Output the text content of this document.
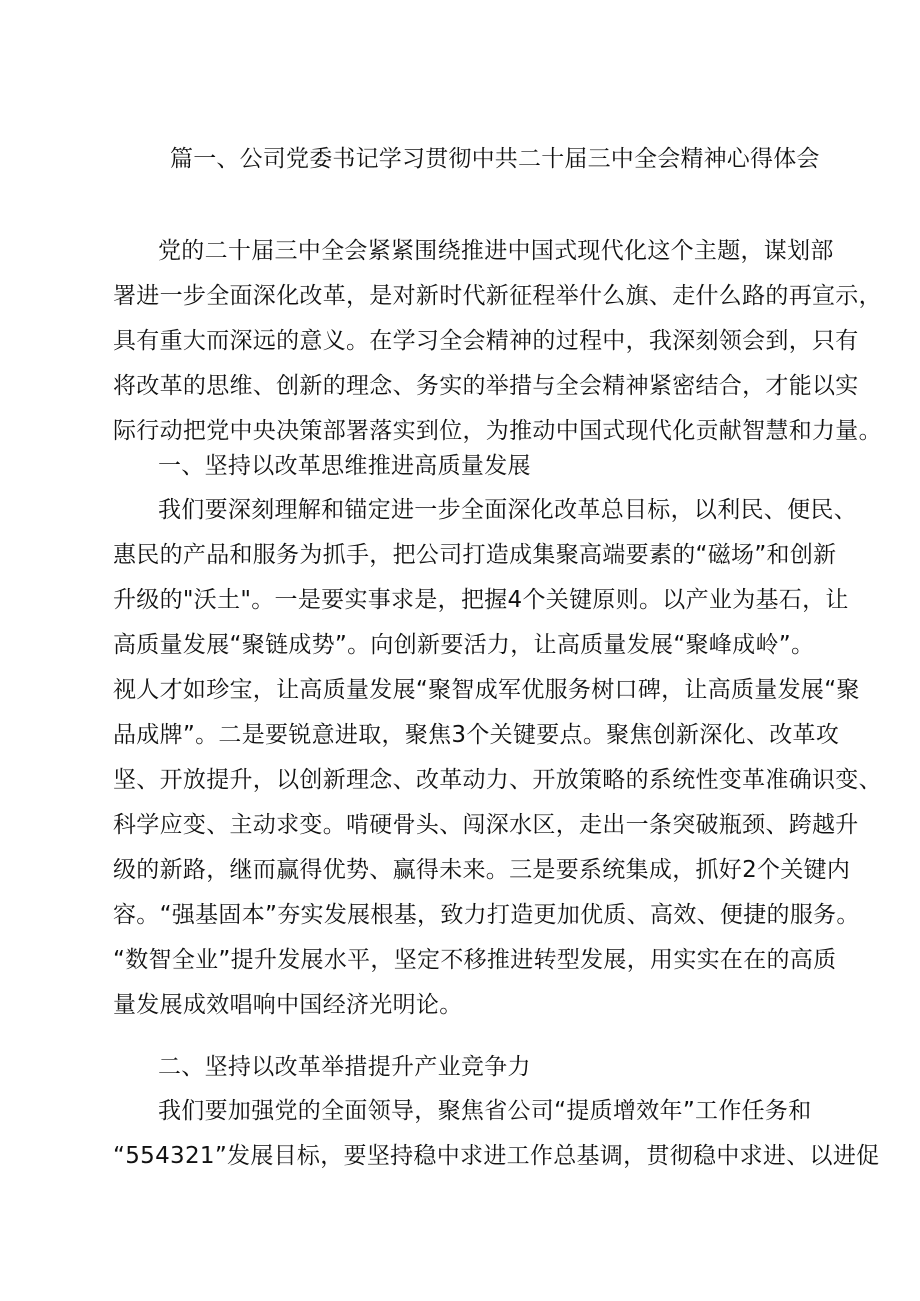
篇一、公司党委书记学习贯彻中共二十届三中全会精神心得体会
党的二十届三中全会紧紧围绕推进中国式现代化这个主题，谋划部
署进一步全面深化改革，是对新时代新征程举什么旗、走什么路的再宣示，
具有重大而深远的意义。在学习全会精神的过程中，我深刻领会到，只有
将改革的思维、创新的理念、务实的举措与全会精神紧密结合，才能以实
际行动把党中央决策部署落实到位，为推动中国式现代化贡献智慧和力量。
一、坚持以改革思维推进高质量发展
我们要深刻理解和锚定进一步全面深化改革总目标，以利民、便民、
惠民的产品和服务为抓手，把公司打造成集聚高端要素的“磁场”和创新
升级的"沃土"。一是要实事求是，把握4个关键原则。以产业为基石，让
高质量发展“聚链成势”。向创新要活力，让高质量发展“聚峰成岭”。
视人才如珍宝，让高质量发展“聚智成军优服务树口碑，让高质量发展“聚
品成牌”。二是要锐意进取，聚焦3个关键要点。聚焦创新深化、改革攻
坚、开放提升，以创新理念、改革动力、开放策略的系统性变革准确识变、
科学应变、主动求变。啃硬骨头、闯深水区，走出一条突破瓶颈、跨越升
级的新路，继而赢得优势、赢得未来。三是要系统集成，抓好2个关键内
容。“强基固本”夯实发展根基，致力打造更加优质、高效、便捷的服务。
“数智全业”提升发展水平，坚定不移推进转型发展，用实实在在的高质
量发展成效唱响中国经济光明论。
二、坚持以改革举措提升产业竞争力
我们要加强党的全面领导，聚焦省公司“提质增效年”工作任务和
“554321”发展目标，要坚持稳中求进工作总基调，贯彻稳中求进、以进促
